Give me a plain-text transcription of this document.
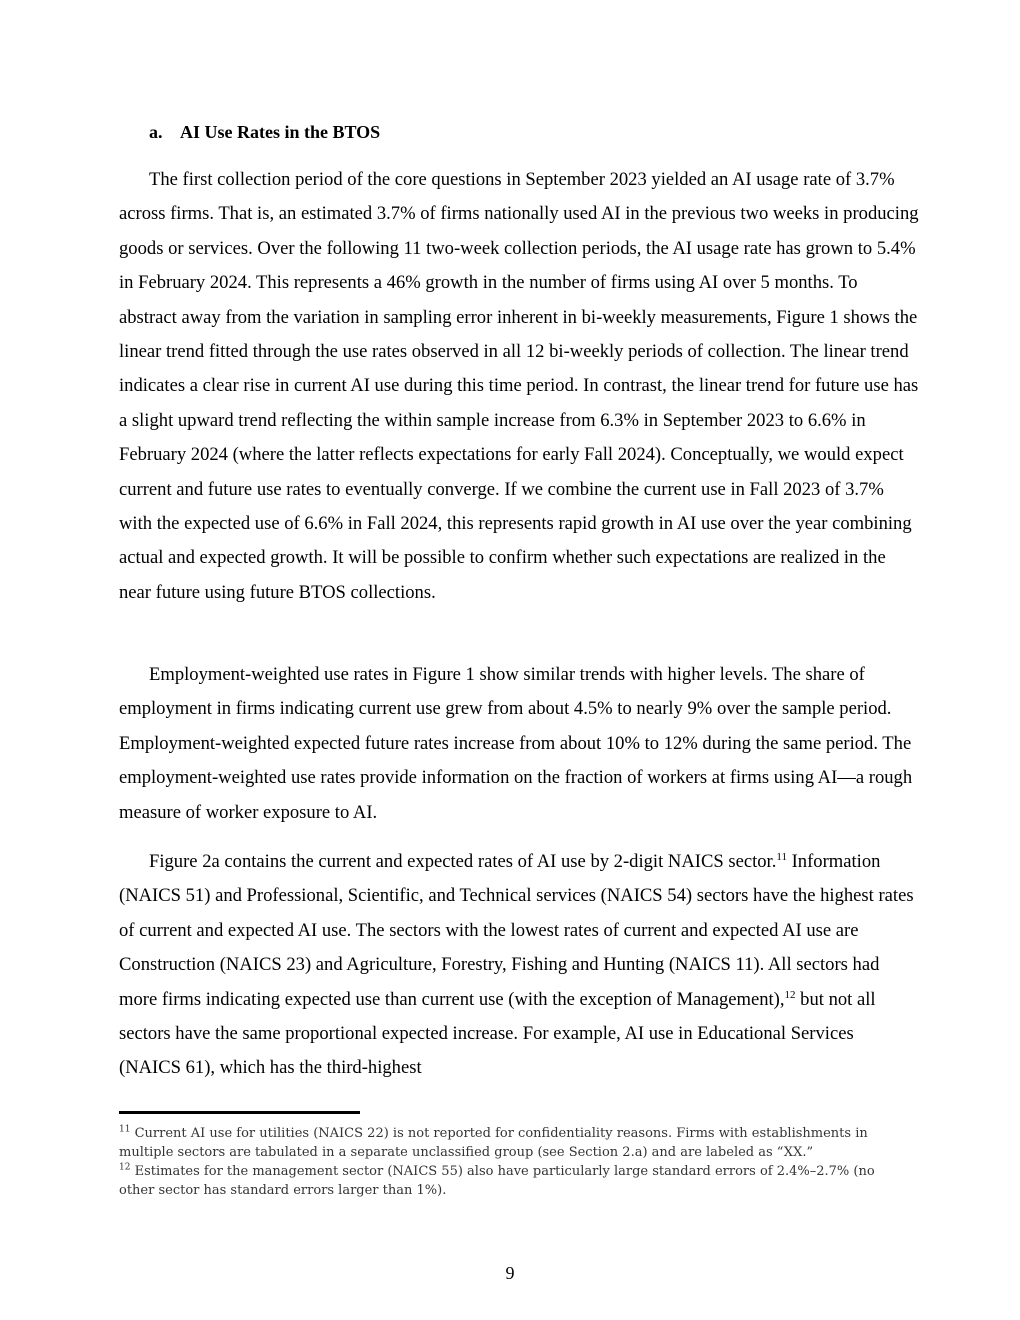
a. AI Use Rates in the BTOS

The first collection period of the core questions in September 2023 yielded an AI usage rate of 3.7% across firms. That is, an estimated 3.7% of firms nationally used AI in the previous two weeks in producing goods or services. Over the following 11 two-week collection periods, the AI usage rate has grown to 5.4% in February 2024. This represents a 46% growth in the number of firms using AI over 5 months. To abstract away from the variation in sampling error inherent in bi-weekly measurements, Figure 1 shows the linear trend fitted through the use rates observed in all 12 bi-weekly periods of collection. The linear trend indicates a clear rise in current AI use during this time period. In contrast, the linear trend for future use has a slight upward trend reflecting the within sample increase from 6.3% in September 2023 to 6.6% in February 2024 (where the latter reflects expectations for early Fall 2024). Conceptually, we would expect current and future use rates to eventually converge. If we combine the current use in Fall 2023 of 3.7% with the expected use of 6.6% in Fall 2024, this represents rapid growth in AI use over the year combining actual and expected growth. It will be possible to confirm whether such expectations are realized in the near future using future BTOS collections.

Employment-weighted use rates in Figure 1 show similar trends with higher levels. The share of employment in firms indicating current use grew from about 4.5% to nearly 9% over the sample period. Employment-weighted expected future rates increase from about 10% to 12% during the same period. The employment-weighted use rates provide information on the fraction of workers at firms using AI—a rough measure of worker exposure to AI.

Figure 2a contains the current and expected rates of AI use by 2-digit NAICS sector.$^{11}$ Information (NAICS 51) and Professional, Scientific, and Technical services (NAICS 54) sectors have the highest rates of current and expected AI use. The sectors with the lowest rates of current and expected AI use are Construction (NAICS 23) and Agriculture, Forestry, Fishing and Hunting (NAICS 11). All sectors had more firms indicating expected use than current use (with the exception of Management),$^{12}$ but not all sectors have the same proportional expected increase. For example, AI use in Educational Services (NAICS 61), which has the third-highest

$^{11}$ Current AI use for utilities (NAICS 22) is not reported for confidentiality reasons. Firms with establishments in multiple sectors are tabulated in a separate unclassified group (see Section 2.a) and are labeled as “XX.”

$^{12}$ Estimates for the management sector (NAICS 55) also have particularly large standard errors of 2.4%–2.7% (no other sector has standard errors larger than 1%).

9
